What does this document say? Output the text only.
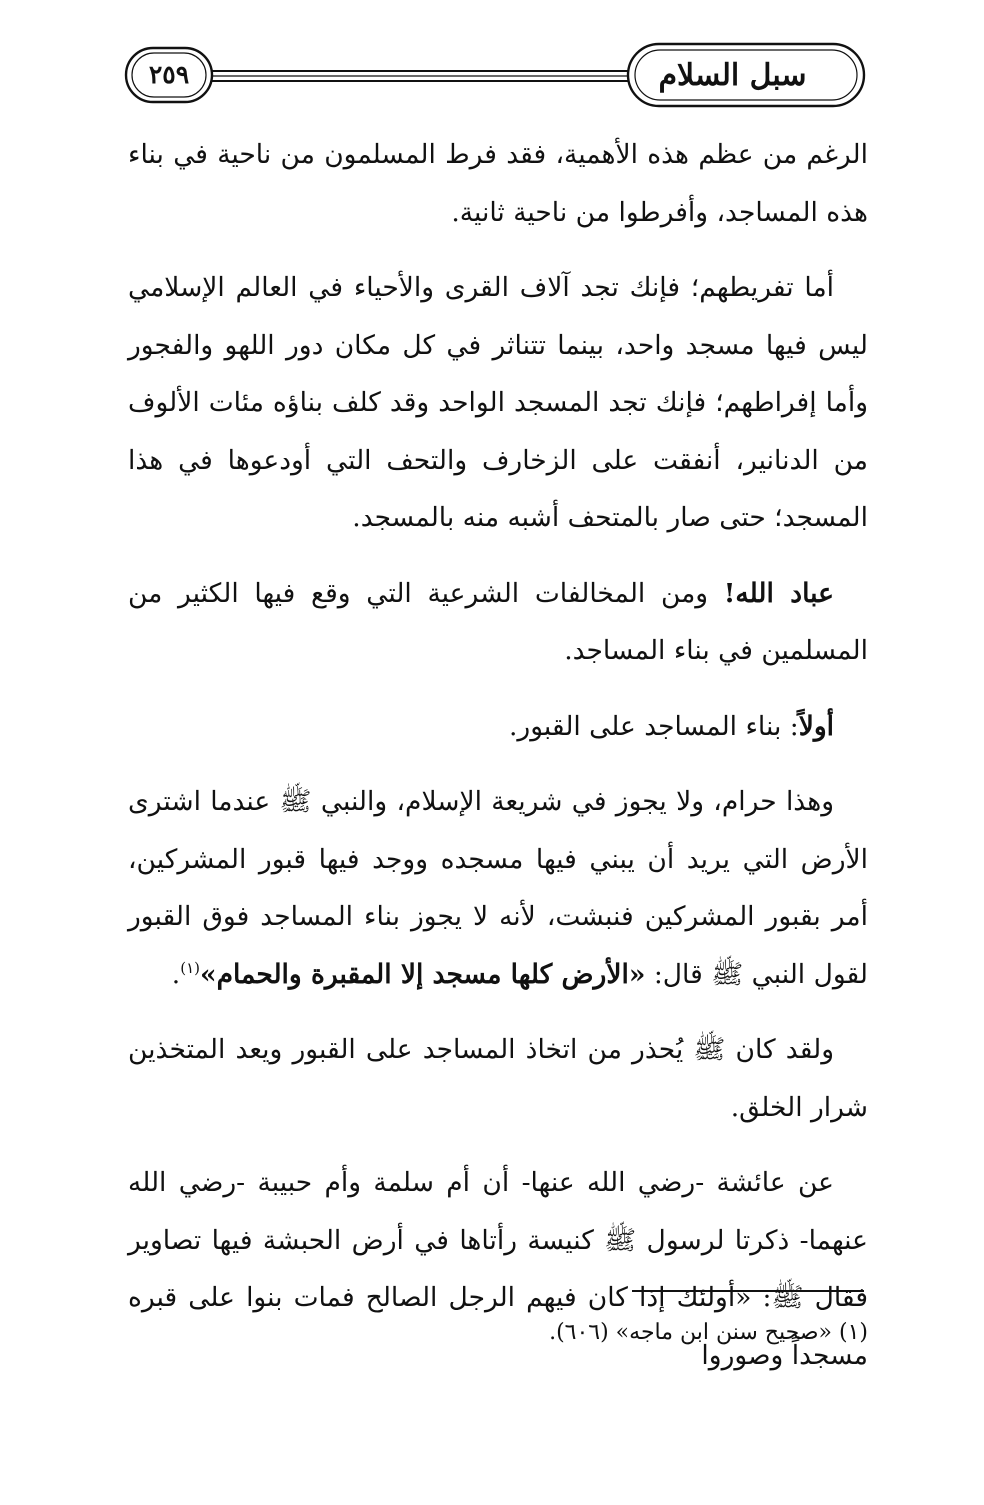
سبل السلام
٢٥٩

الرغم من عظم هذه الأهمية، فقد فرط المسلمون من ناحية في بناء هذه المساجد، وأفرطوا من ناحية ثانية.

أما تفريطهم؛ فإنك تجد آلاف القرى والأحياء في العالم الإسلامي ليس فيها مسجد واحد، بينما تتناثر في كل مكان دور اللهو والفجور وأما إفراطهم؛ فإنك تجد المسجد الواحد وقد كلف بناؤه مئات الألوف من الدنانير، أنفقت على الزخارف والتحف التي أودعوها في هذا المسجد؛ حتى صار بالمتحف أشبه منه بالمسجد.

عباد الله! ومن المخالفات الشرعية التي وقع فيها الكثير من المسلمين في بناء المساجد.

أولاً: بناء المساجد على القبور.

وهذا حرام، ولا يجوز في شريعة الإسلام، والنبي ﷺ عندما اشترى الأرض التي يريد أن يبني فيها مسجده ووجد فيها قبور المشركين، أمر بقبور المشركين فنبشت، لأنه لا يجوز بناء المساجد فوق القبور لقول النبي ﷺ قال: «الأرض كلها مسجد إلا المقبرة والحمام»$^{(١)}$.

ولقد كان ﷺ يُحذر من اتخاذ المساجد على القبور ويعد المتخذين شرار الخلق.

عن عائشة -رضي الله عنها- أن أم سلمة وأم حبيبة -رضي الله عنهما- ذكرتا لرسول ﷺ كنيسة رأتاها في أرض الحبشة فيها تصاوير فقال ﷺ: «أولئك إذا كان فيهم الرجل الصالح فمات بنوا على قبره مسجداً وصوروا

(١) «صحيح سنن ابن ماجه» (٦٠٦).
